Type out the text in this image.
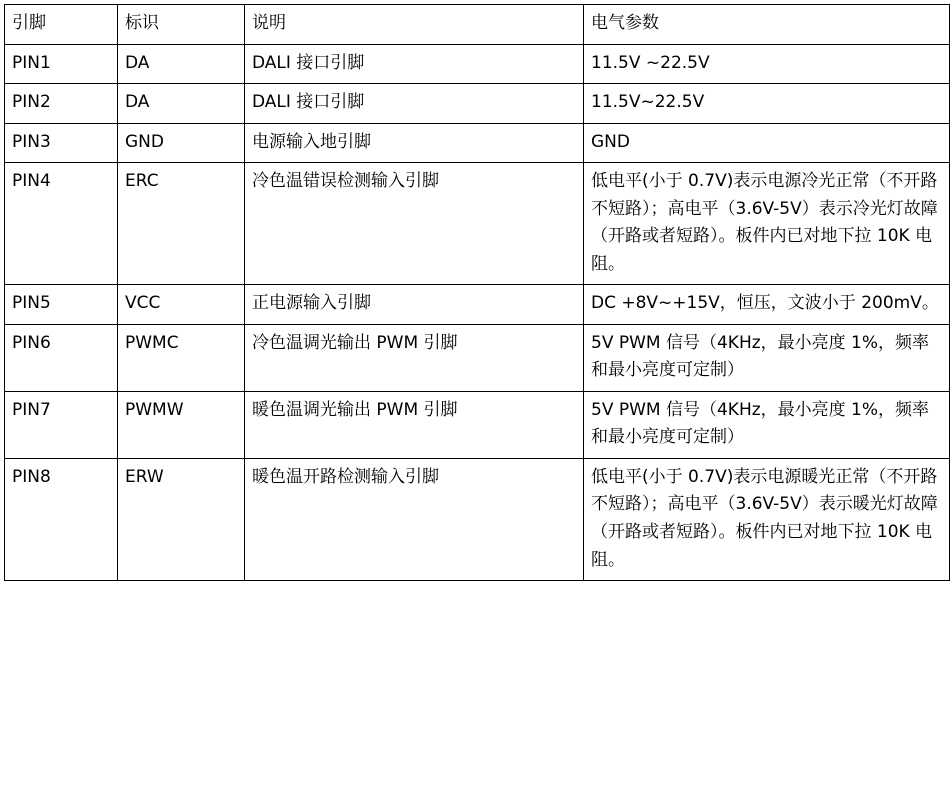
引脚	标识	说明	电气参数

PIN1	DA	DALI 接口引脚	11.5V ~22.5V

PIN2	DA	DALI 接口引脚	11.5V~22.5V

PIN3	GND	电源输入地引脚	GND

PIN4	ERC	冷色温错误检测输入引脚	低电平(小于 0.7V)表示电源冷光正常（不开路不短路）；高电平（3.6V-5V）表示冷光灯故障（开路或者短路）。板件内已对地下拉 10K 电阻。

PIN5	VCC	正电源输入引脚	DC +8V~+15V，恒压，文波小于 200mV。

PIN6	PWMC	冷色温调光输出 PWM 引脚	5V PWM 信号（4KHz，最小亮度 1%，频率和最小亮度可定制）

PIN7	PWMW	暖色温调光输出 PWM 引脚	5V PWM 信号（4KHz，最小亮度 1%，频率和最小亮度可定制）

PIN8	ERW	暖色温开路检测输入引脚	低电平(小于 0.7V)表示电源暖光正常（不开路不短路）；高电平（3.6V-5V）表示暖光灯故障（开路或者短路）。板件内已对地下拉 10K 电阻。
